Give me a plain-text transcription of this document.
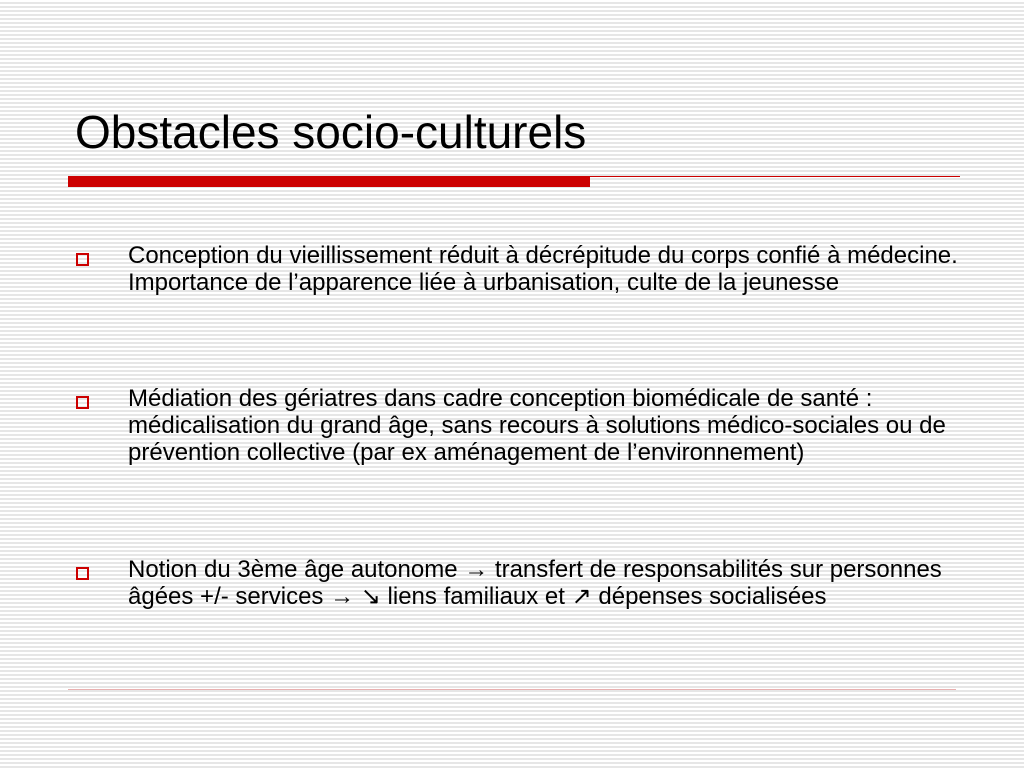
Obstacles socio-culturels
Conception du vieillissement réduit à décrépitude du corps confié à médecine. Importance de l’apparence liée à urbanisation, culte de la jeunesse
Médiation des gériatres dans cadre conception biomédicale de santé : médicalisation du grand âge, sans recours à solutions médico-sociales ou de prévention collective (par ex aménagement de l’environnement)
Notion du 3ème âge autonome → transfert de responsabilités sur personnes âgées +/- services → ↘ liens familiaux et ↗ dépenses socialisées
